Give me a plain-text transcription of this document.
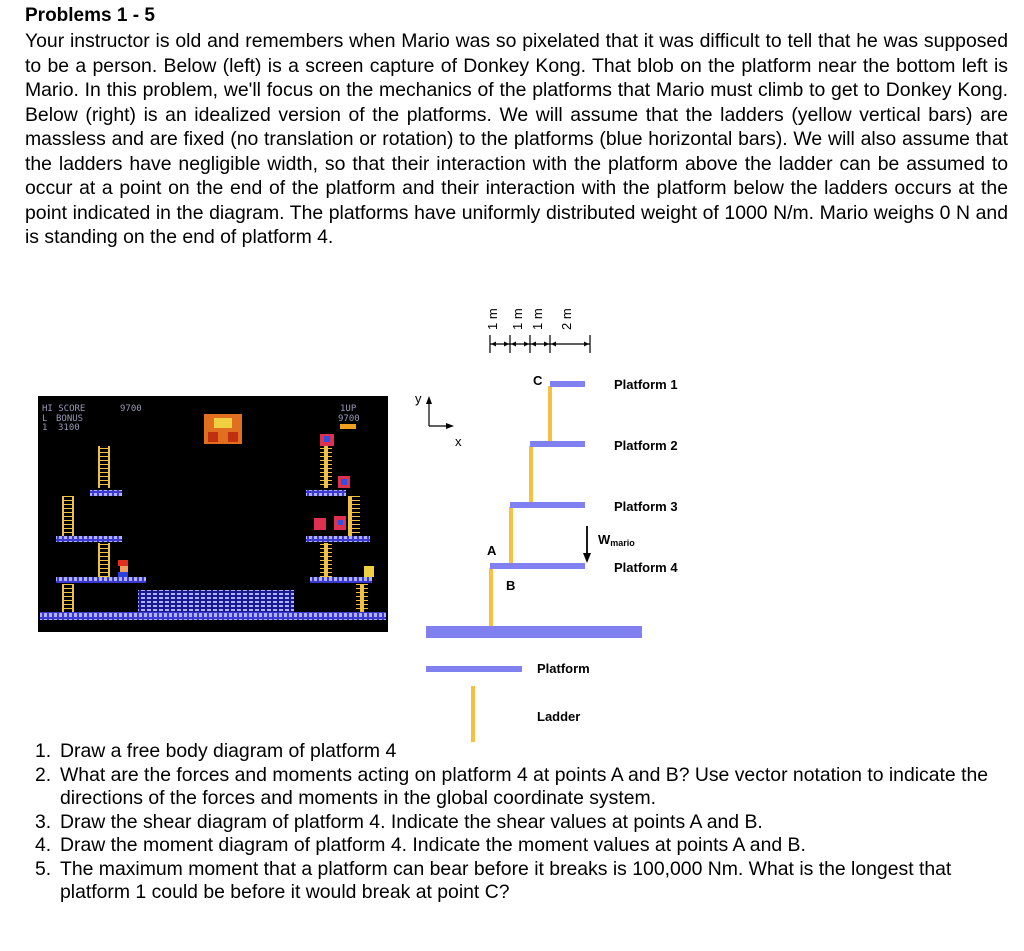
Problems 1 - 5
Your instructor is old and remembers when Mario was so pixelated that it was difficult to tell that he was supposed to be a person. Below (left) is a screen capture of Donkey Kong. That blob on the platform near the bottom left is Mario. In this problem, we'll focus on the mechanics of the platforms that Mario must climb to get to Donkey Kong. Below (right) is an idealized version of the platforms. We will assume that the ladders (yellow vertical bars) are massless and are fixed (no translation or rotation) to the platforms (blue horizontal bars). We will also assume that the ladders have negligible width, so that their interaction with the platform above the ladder can be assumed to occur at a point on the end of the platform and their interaction with the platform below the ladders occurs at the point indicated in the diagram. The platforms have uniformly distributed weight of 1000 N/m. Mario weighs 0 N and is standing on the end of platform 4.
HI SCORE	9700
L
1
BONUS
3100
1UP
9700
1 m 1 m 1 m 2 m
y
x
C
A
B
Platform 1
Platform 2
Platform 3
Platform 4
Wmario
Platform
Ladder
1. Draw a free body diagram of platform 4
2. What are the forces and moments acting on platform 4 at points A and B? Use vector notation to indicate the directions of the forces and moments in the global coordinate system.
3. Draw the shear diagram of platform 4. Indicate the shear values at points A and B.
4. Draw the moment diagram of platform 4. Indicate the moment values at points A and B.
5. The maximum moment that a platform can bear before it breaks is 100,000 Nm. What is the longest that platform 1 could be before it would break at point C?
